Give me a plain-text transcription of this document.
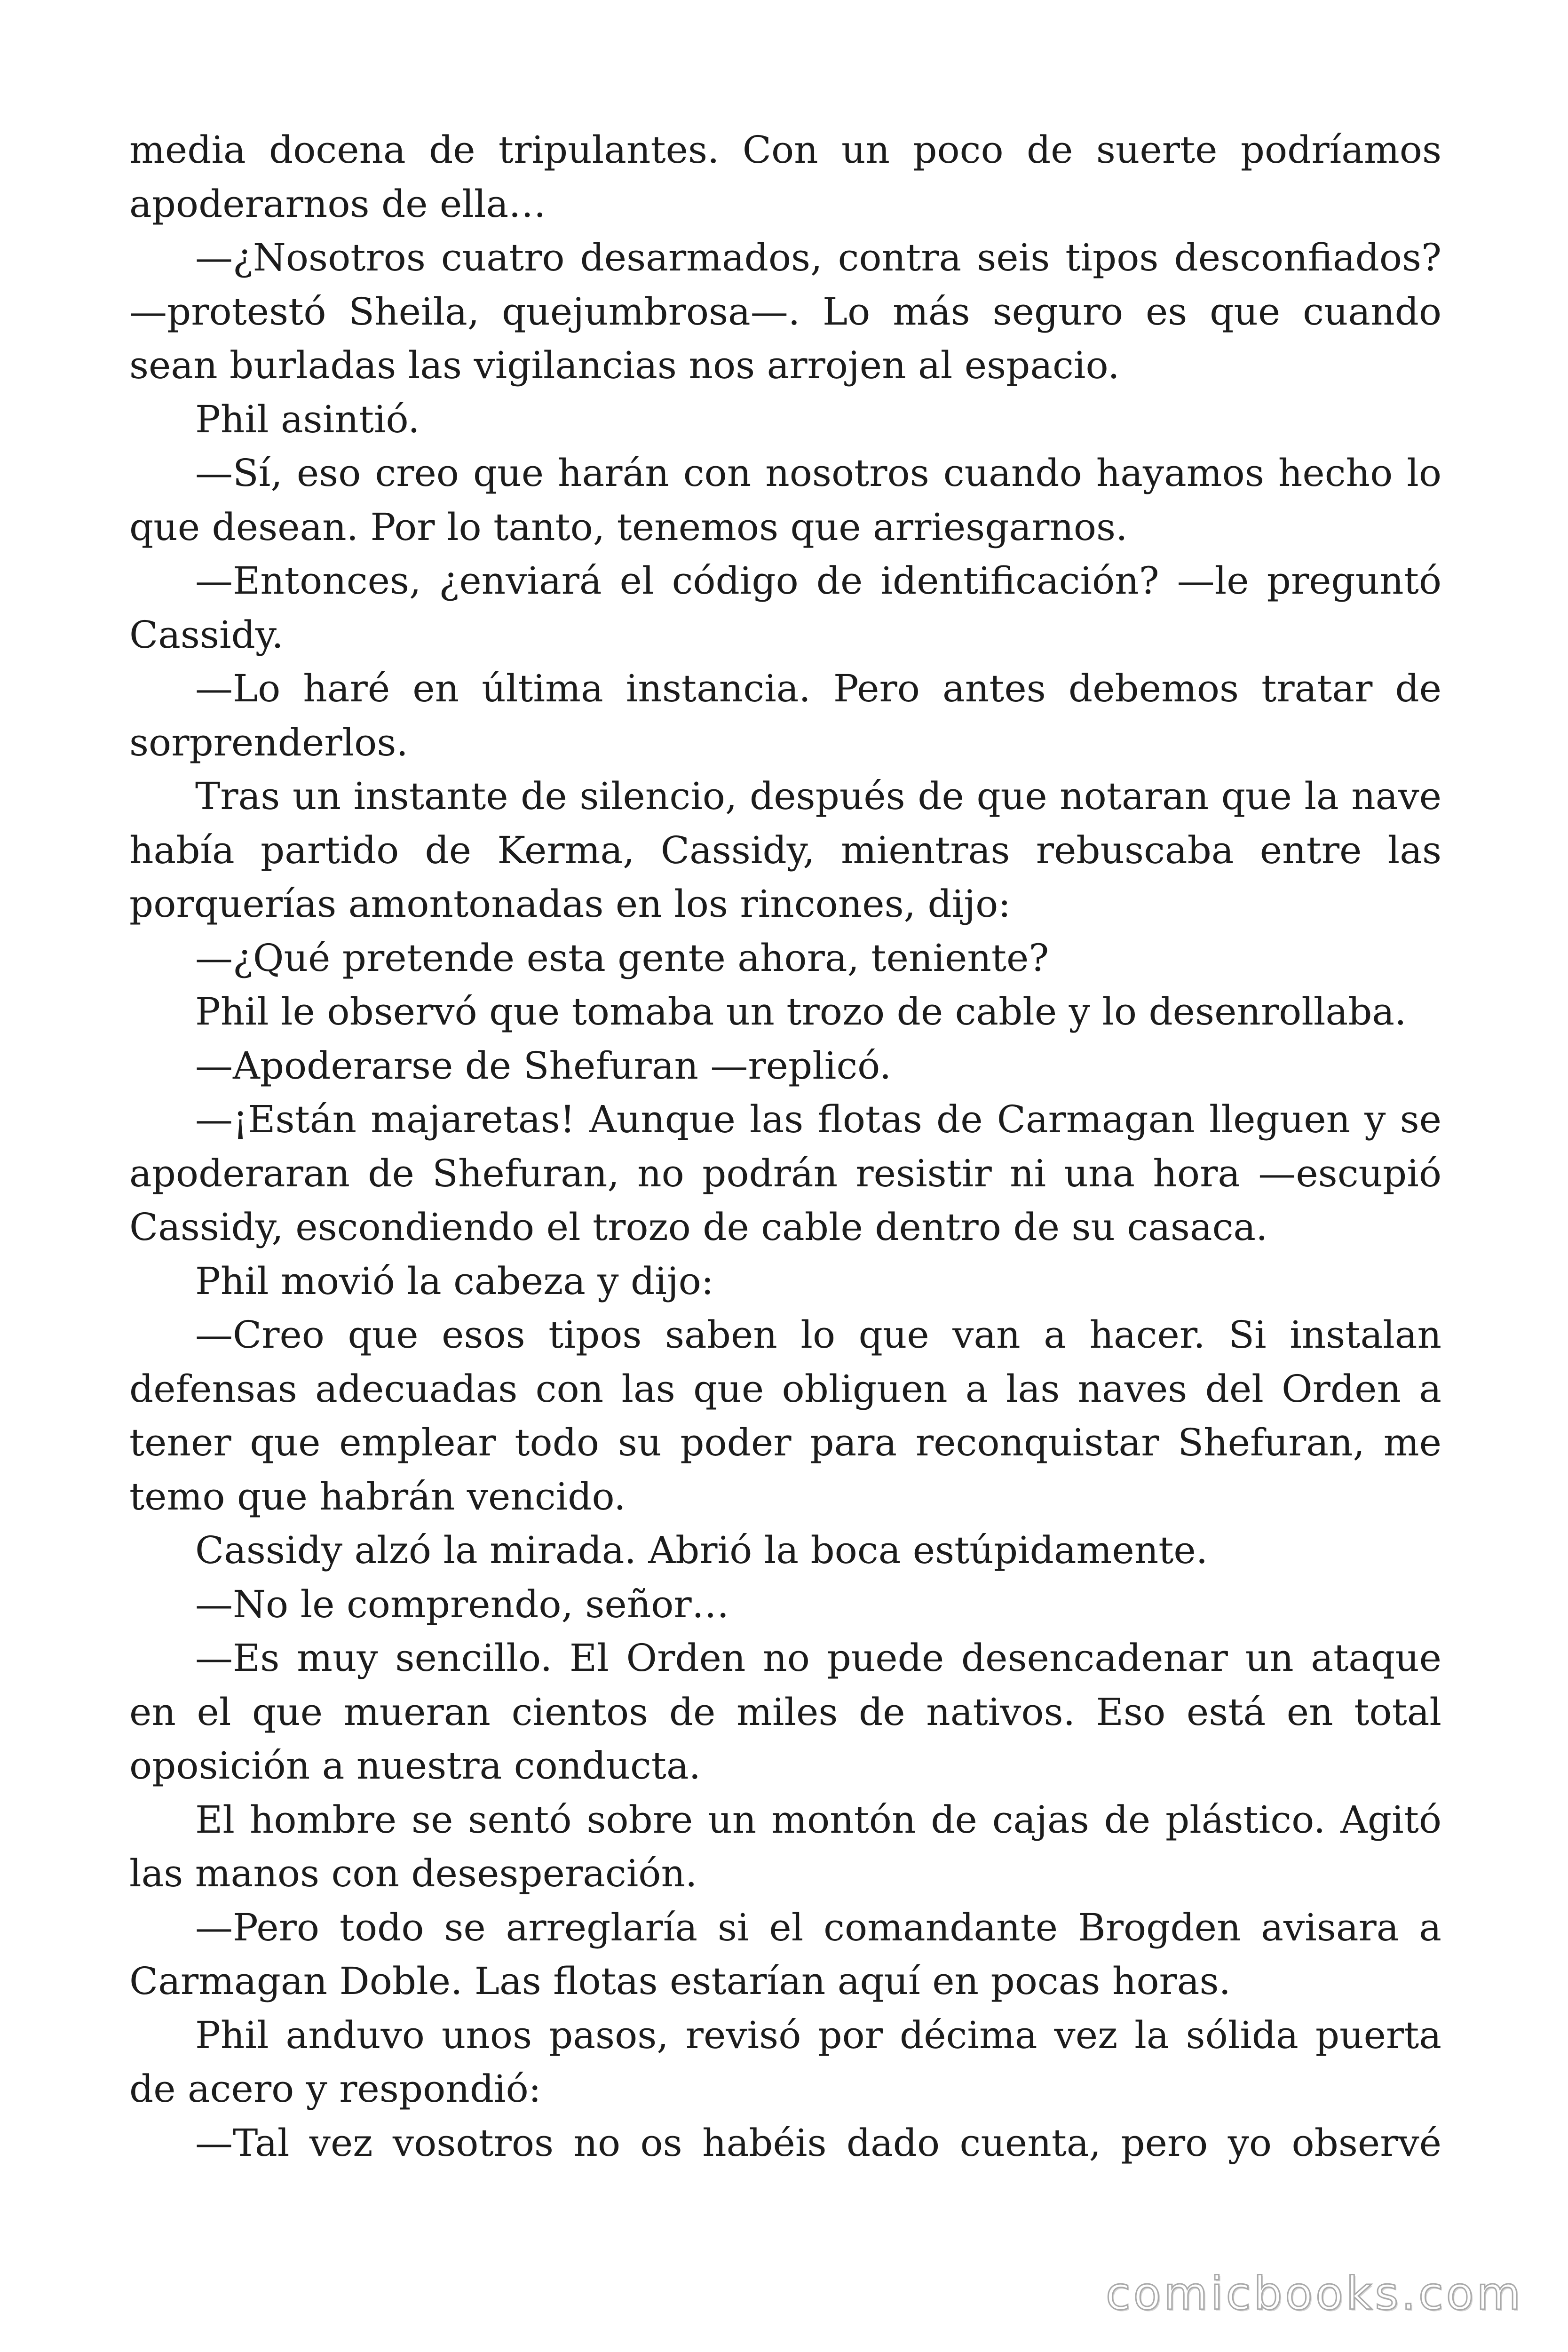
media docena de tripulantes. Con un poco de suerte podríamos apoderarnos de ella…

—¿Nosotros cuatro desarmados, contra seis tipos desconfiados? —protestó Sheila, quejumbrosa—. Lo más seguro es que cuando sean burladas las vigilancias nos arrojen al espacio.

Phil asintió.

—Sí, eso creo que harán con nosotros cuando hayamos hecho lo que desean. Por lo tanto, tenemos que arriesgarnos.

—Entonces, ¿enviará el código de identificación? —le preguntó Cassidy.

—Lo haré en última instancia. Pero antes debemos tratar de sorprenderlos.

Tras un instante de silencio, después de que notaran que la nave había partido de Kerma, Cassidy, mientras rebuscaba entre las porquerías amontonadas en los rincones, dijo:

—¿Qué pretende esta gente ahora, teniente?

Phil le observó que tomaba un trozo de cable y lo desenrollaba.

—Apoderarse de Shefuran —replicó.

—¡Están majaretas! Aunque las flotas de Carmagan lleguen y se apoderaran de Shefuran, no podrán resistir ni una hora —escupió Cassidy, escondiendo el trozo de cable dentro de su casaca.

Phil movió la cabeza y dijo:

—Creo que esos tipos saben lo que van a hacer. Si instalan defensas adecuadas con las que obliguen a las naves del Orden a tener que emplear todo su poder para reconquistar Shefuran, me temo que habrán vencido.

Cassidy alzó la mirada. Abrió la boca estúpidamente.

—No le comprendo, señor…

—Es muy sencillo. El Orden no puede desencadenar un ataque en el que mueran cientos de miles de nativos. Eso está en total oposición a nuestra conducta.

El hombre se sentó sobre un montón de cajas de plástico. Agitó las manos con desesperación.

—Pero todo se arreglaría si el comandante Brogden avisara a Carmagan Doble. Las flotas estarían aquí en pocas horas.

Phil anduvo unos pasos, revisó por décima vez la sólida puerta de acero y respondió:

—Tal vez vosotros no os habéis dado cuenta, pero yo observé

comicbooks.com
